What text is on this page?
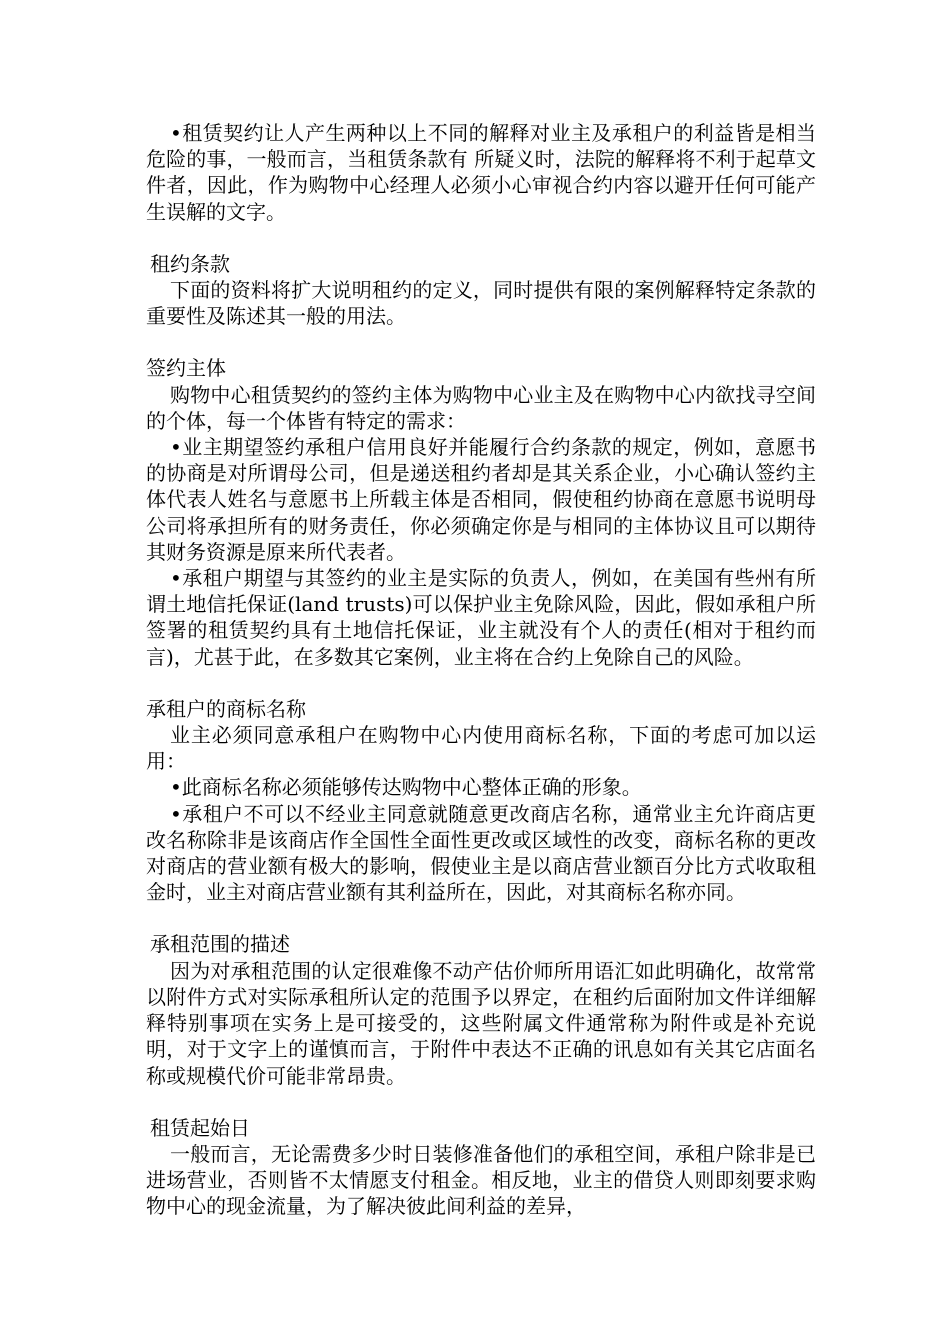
•租赁契约让人产生两种以上不同的解释对业主及承租户的利益皆是相当危险的事，一般而言，当租赁条款有 所疑义时，法院的解释将不利于起草文件者，因此，作为购物中心经理人必须小心审视合约内容以避开任何可能产 生误解的文字。

租约条款

下面的资料将扩大说明租约的定义，同时提供有限的案例解释特定条款的重要性及陈述其一般的用法。

签约主体

购物中心租赁契约的签约主体为购物中心业主及在购物中心内欲找寻空间的个体，每一个体皆有特定的需求：

•业主期望签约承租户信用良好并能履行合约条款的规定，例如，意愿书的协商是对所谓母公司，但是递送租约者却是其关系企业，小心确认签约主体代表人姓名与意愿书上所载主体是否相同，假使租约协商在意愿书说明母公司将承担所有的财务责任，你必须确定你是与相同的主体协议且可以期待其财务资源是原来所代表者。

•承租户期望与其签约的业主是实际的负责人，例如，在美国有些州有所谓土地信托保证(land trusts)可以保护业主免除风险，因此，假如承租户所签署的租赁契约具有土地信托保证，业主就没有个人的责任(相对于租约而言)，尤甚于此，在多数其它案例，业主将在合约上免除自己的风险。

承租户的商标名称

业主必须同意承租户在购物中心内使用商标名称，下面的考虑可加以运用：

•此商标名称必须能够传达购物中心整体正确的形象。

•承租户不可以不经业主同意就随意更改商店名称，通常业主允许商店更改名称除非是该商店作全国性全面性更改或区域性的改变，商标名称的更改对商店的营业额有极大的影响，假使业主是以商店营业额百分比方式收取租金时，业主对商店营业额有其利益所在，因此，对其商标名称亦同。

承租范围的描述

因为对承租范围的认定很难像不动产估价师所用语汇如此明确化，故常常以附件方式对实际承租所认定的范围予以界定，在租约后面附加文件详细解释特别事项在实务上是可接受的，这些附属文件通常称为附件或是补充说明，对于文字上的谨慎而言，于附件中表达不正确的讯息如有关其它店面名称或规模代价可能非常昂贵。

租赁起始日

一般而言，无论需费多少时日装修准备他们的承租空间，承租户除非是已进场营业，否则皆不太情愿支付租金。相反地，业主的借贷人则即刻要求购物中心的现金流量，为了解决彼此间利益的差异，
